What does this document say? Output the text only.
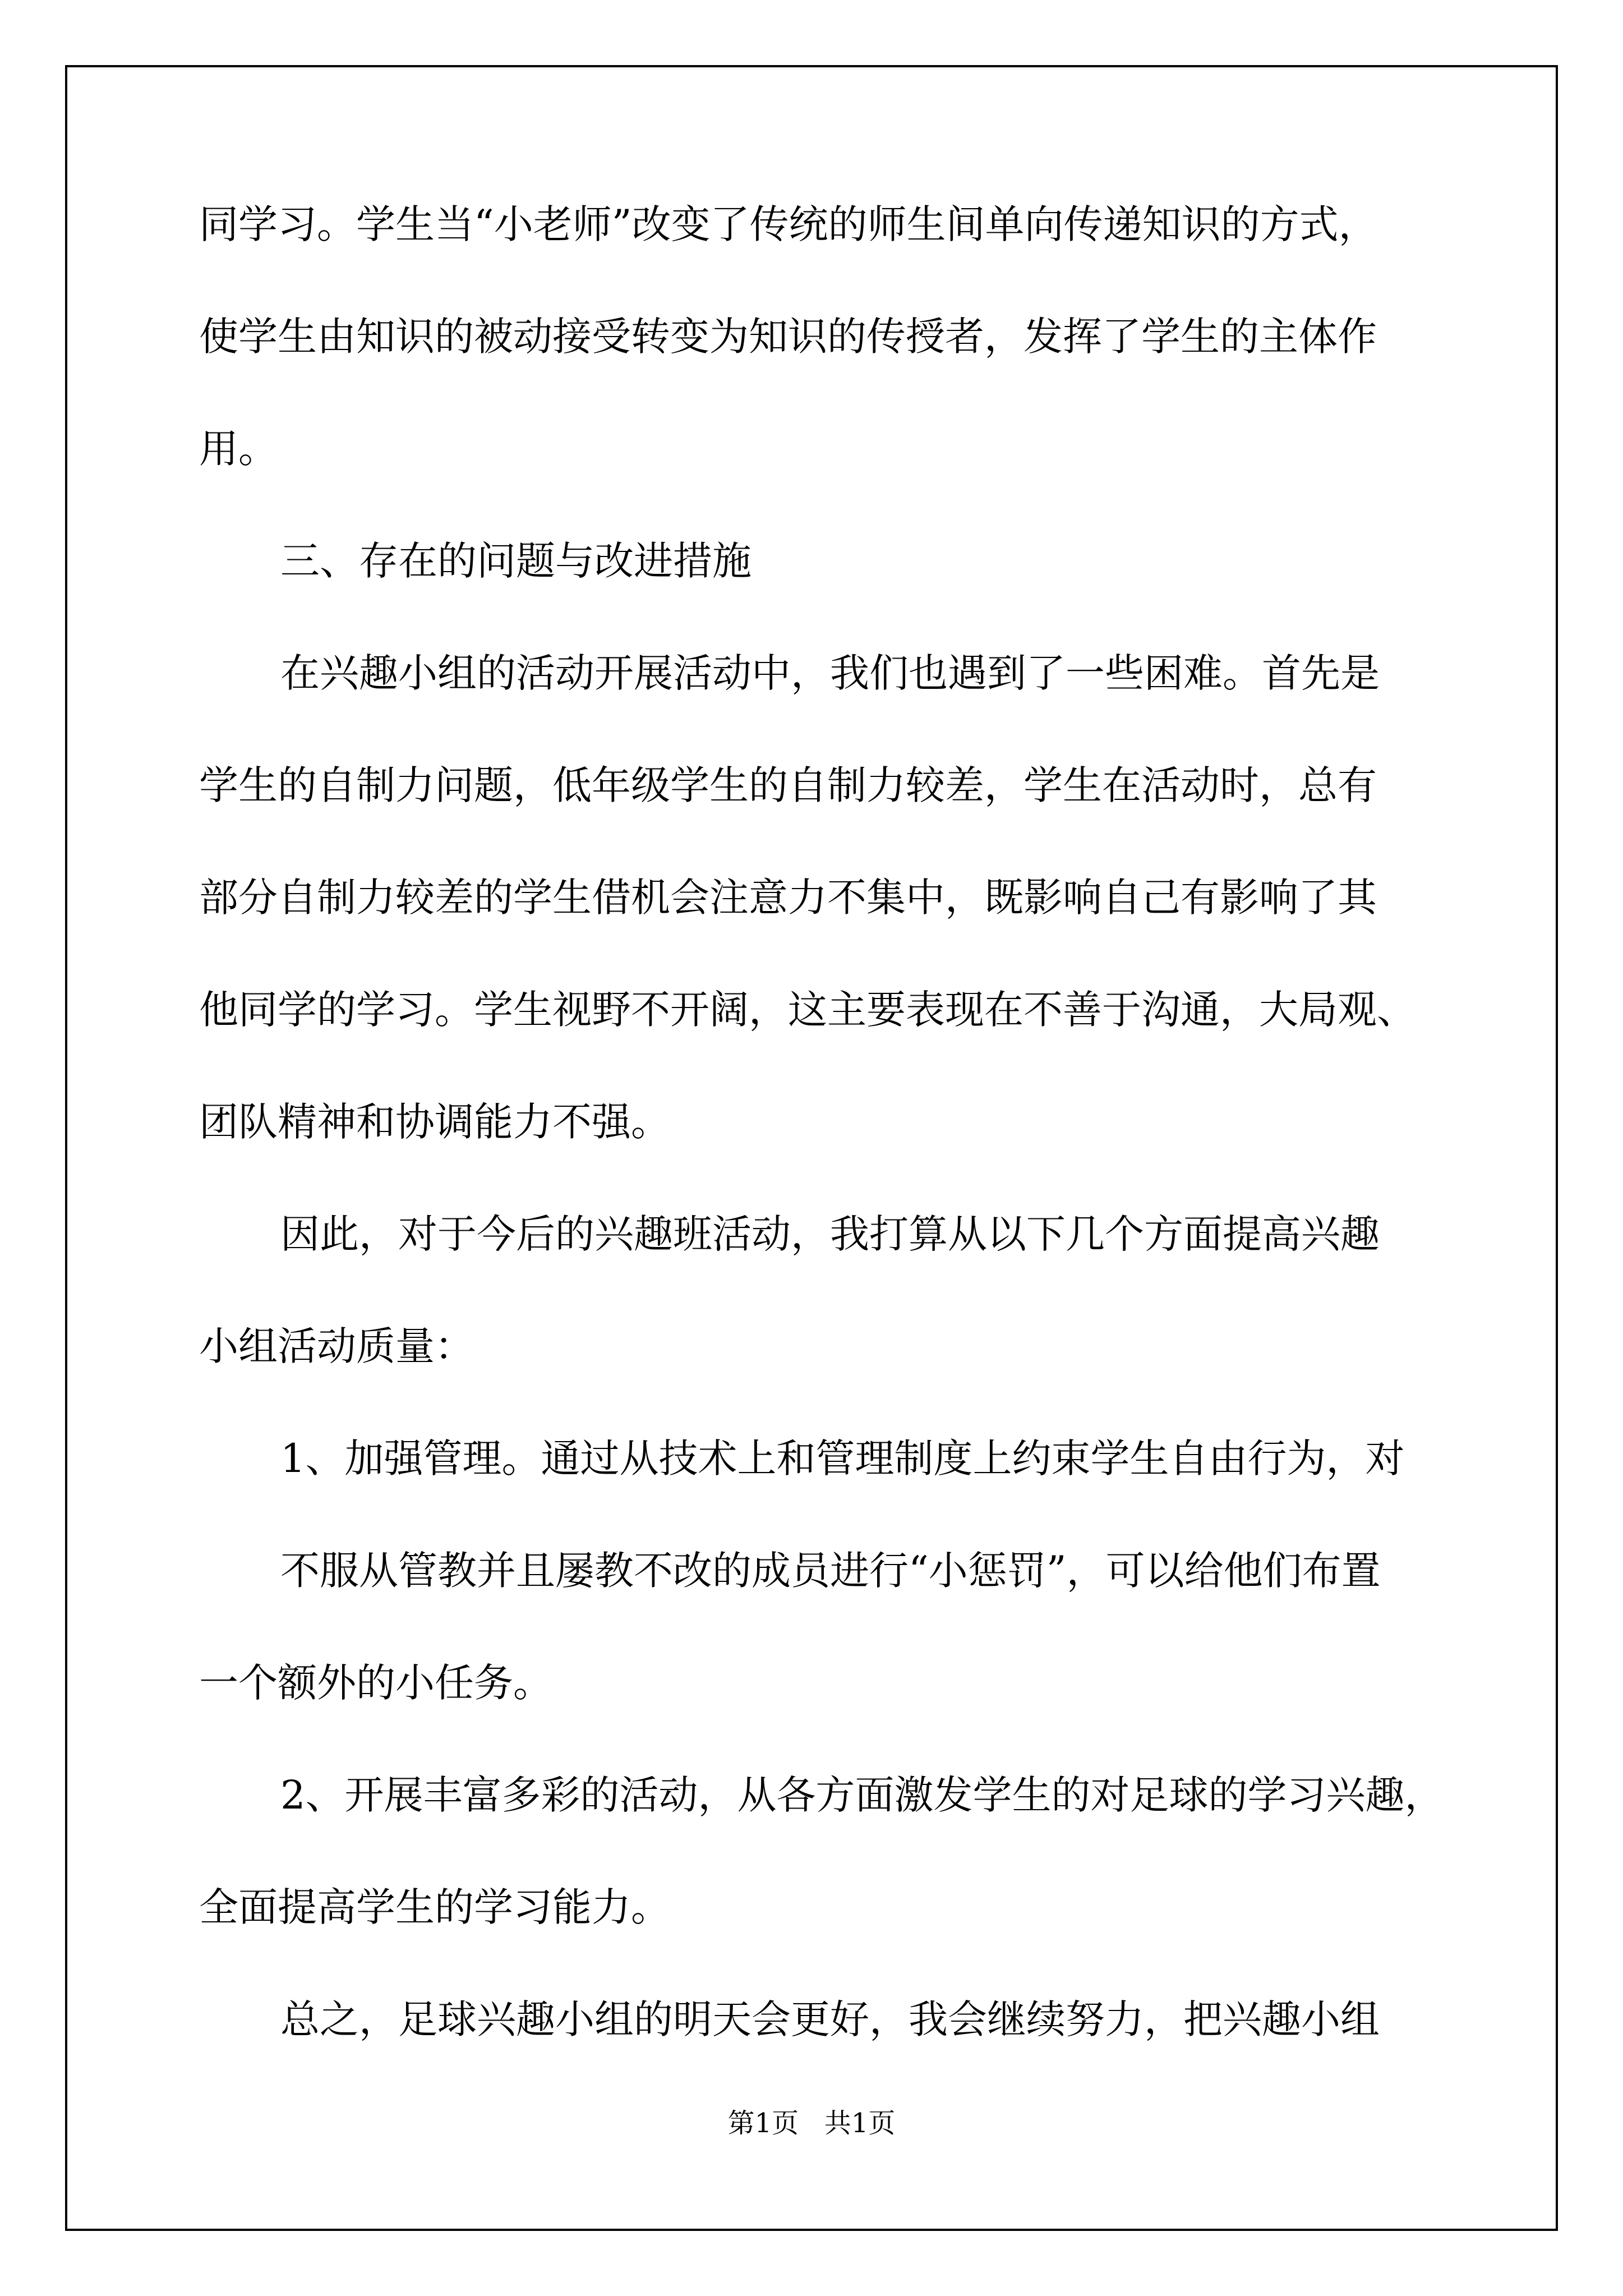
同学习。学生当“小老师”改变了传统的师生间单向传递知识的方式，
使学生由知识的被动接受转变为知识的传授者，发挥了学生的主体作
用。
三、存在的问题与改进措施
在兴趣小组的活动开展活动中，我们也遇到了一些困难。首先是
学生的自制力问题，低年级学生的自制力较差，学生在活动时，总有
部分自制力较差的学生借机会注意力不集中，既影响自己有影响了其
他同学的学习。学生视野不开阔，这主要表现在不善于沟通，大局观、
团队精神和协调能力不强。
因此，对于今后的兴趣班活动，我打算从以下几个方面提高兴趣
小组活动质量：
1、加强管理。通过从技术上和管理制度上约束学生自由行为，对
不服从管教并且屡教不改的成员进行“小惩罚”，可以给他们布置
一个额外的小任务。
2、开展丰富多彩的活动，从各方面激发学生的对足球的学习兴趣，
全面提高学生的学习能力。
总之，足球兴趣小组的明天会更好，我会继续努力，把兴趣小组
第1页   共1页
